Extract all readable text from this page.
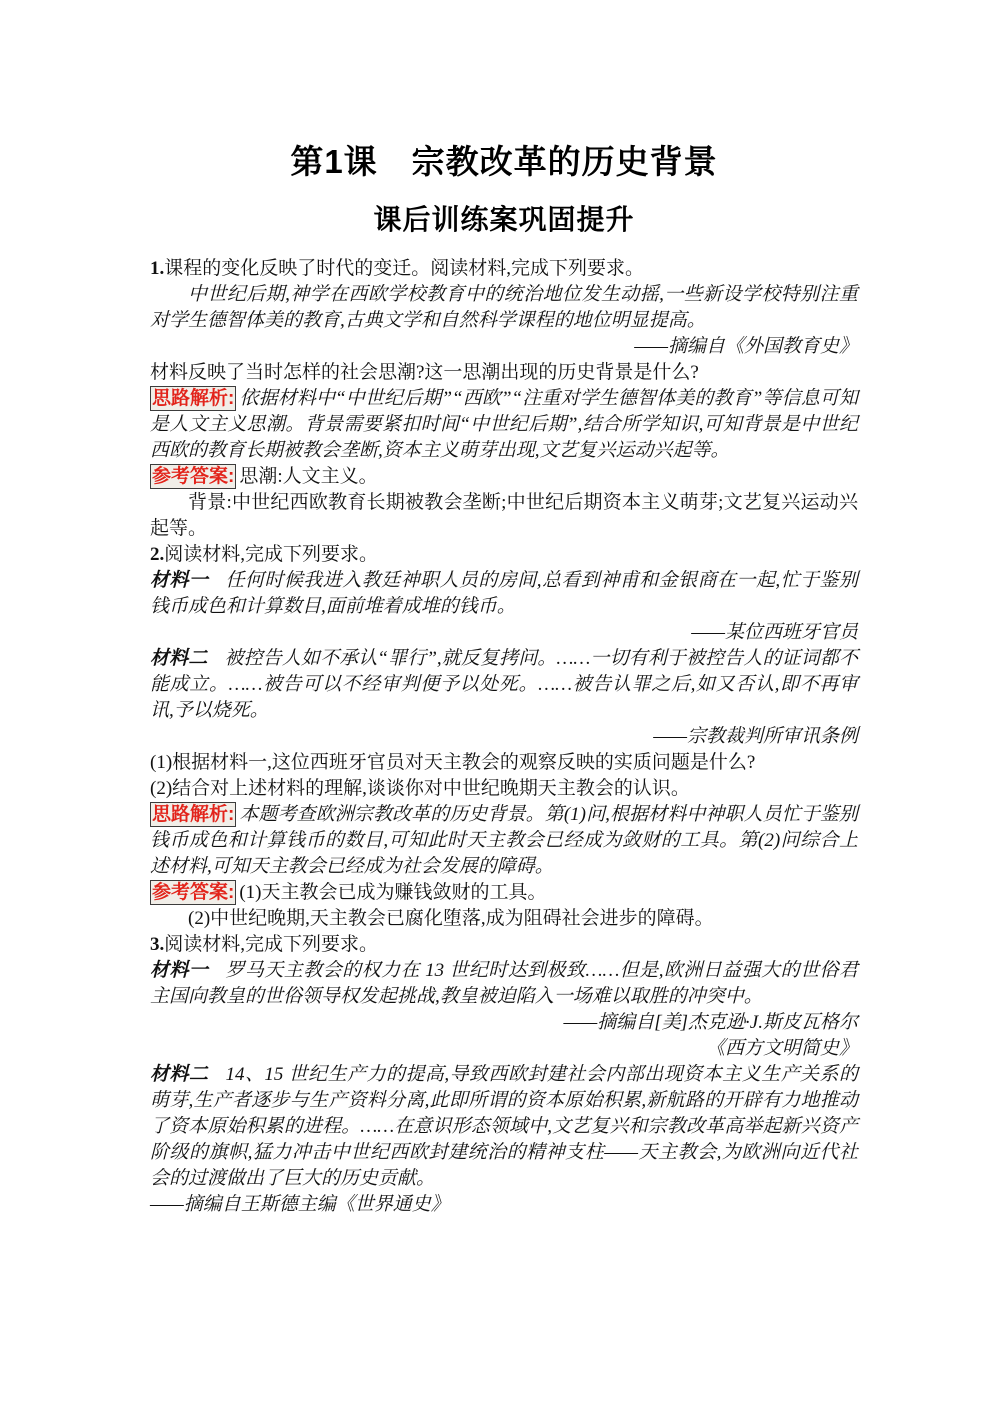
第1课　宗教改革的历史背景
课后训练案巩固提升

1.课程的变化反映了时代的变迁。阅读材料,完成下列要求。

中世纪后期,神学在西欧学校教育中的统治地位发生动摇,一些新设学校特别注重对学生德智体美的教育,古典文学和自然科学课程的地位明显提高。

——摘编自《外国教育史》

材料反映了当时怎样的社会思潮?这一思潮出现的历史背景是什么?

思路解析: 依据材料中“中世纪后期”“西欧”“注重对学生德智体美的教育”等信息可知是人文主义思潮。背景需要紧扣时间“中世纪后期”,结合所学知识,可知背景是中世纪西欧的教育长期被教会垄断,资本主义萌芽出现,文艺复兴运动兴起等。

参考答案: 思潮:人文主义。

背景:中世纪西欧教育长期被教会垄断;中世纪后期资本主义萌芽;文艺复兴运动兴起等。

2.阅读材料,完成下列要求。

材料一 任何时候我进入教廷神职人员的房间,总看到神甫和金银商在一起,忙于鉴别钱币成色和计算数目,面前堆着成堆的钱币。

——某位西班牙官员

材料二 被控告人如不承认“罪行”,就反复拷问。……一切有利于被控告人的证词都不能成立。……被告可以不经审判便予以处死。……被告认罪之后,如又否认,即不再审讯,予以烧死。

——宗教裁判所审讯条例

(1)根据材料一,这位西班牙官员对天主教会的观察反映的实质问题是什么?

(2)结合对上述材料的理解,谈谈你对中世纪晚期天主教会的认识。

思路解析: 本题考查欧洲宗教改革的历史背景。第(1)问,根据材料中神职人员忙于鉴别钱币成色和计算钱币的数目,可知此时天主教会已经成为敛财的工具。第(2)问综合上述材料,可知天主教会已经成为社会发展的障碍。

参考答案: (1)天主教会已成为赚钱敛财的工具。

(2)中世纪晚期,天主教会已腐化堕落,成为阻碍社会进步的障碍。

3.阅读材料,完成下列要求。

材料一 罗马天主教会的权力在 13 世纪时达到极致……但是,欧洲日益强大的世俗君主国向教皇的世俗领导权发起挑战,教皇被迫陷入一场难以取胜的冲突中。

——摘编自[美]杰克逊·J.斯皮瓦格尔

《西方文明简史》

材料二 14、15 世纪生产力的提高,导致西欧封建社会内部出现资本主义生产关系的萌芽,生产者逐步与生产资料分离,此即所谓的资本原始积累,新航路的开辟有力地推动了资本原始积累的进程。……在意识形态领域中,文艺复兴和宗教改革高举起新兴资产阶级的旗帜,猛力冲击中世纪西欧封建统治的精神支柱——天主教会,为欧洲向近代社会的过渡做出了巨大的历史贡献。

——摘编自王斯德主编《世界通史》
